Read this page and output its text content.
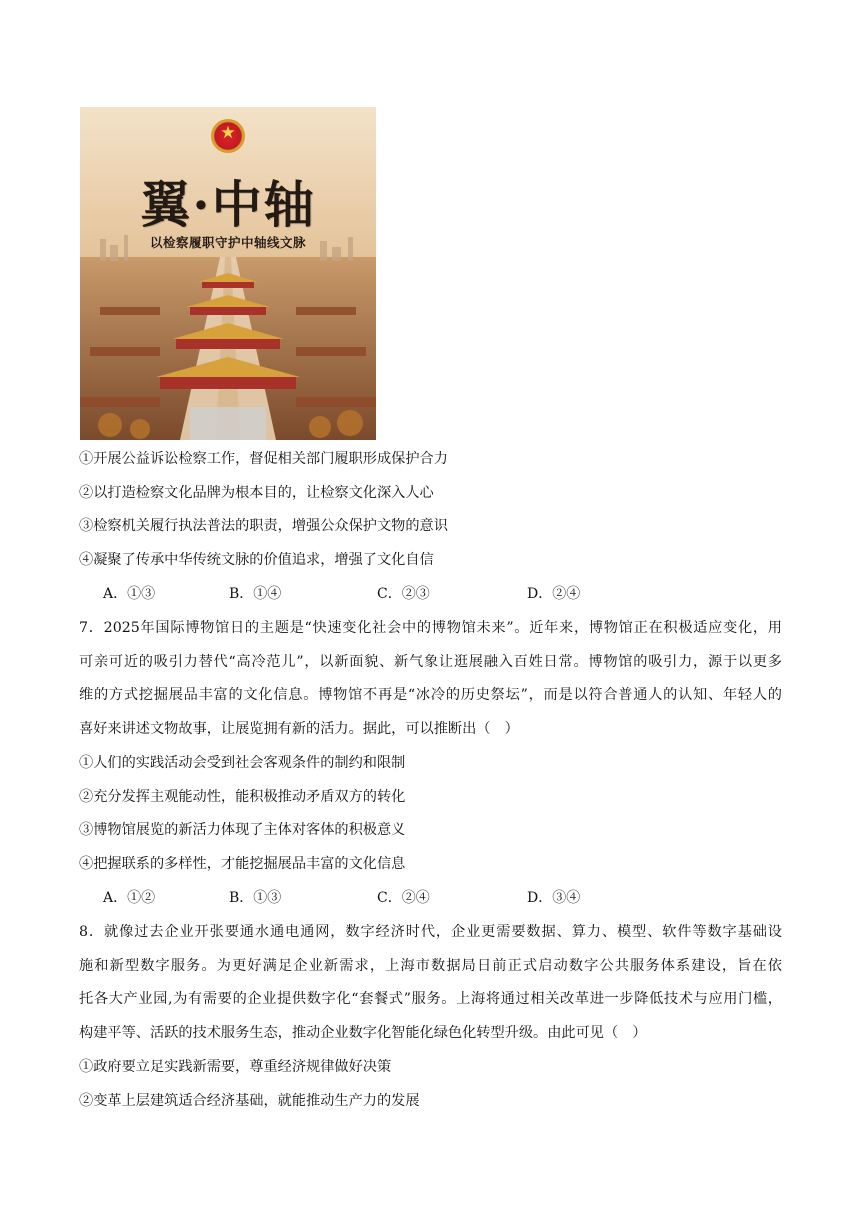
★
翼·中轴
以检察履职守护中轴线文脉
①开展公益诉讼检察工作，督促相关部门履职形成保护合力
②以打造检察文化品牌为根本目的，让检察文化深入人心
③检察机关履行执法普法的职责，增强公众保护文物的意识
④凝聚了传承中华传统文脉的价值追求，增强了文化自信
A．①③	B．①④	C．②③	D．②④
7．2025年国际博物馆日的主题是“快速变化社会中的博物馆未来”。近年来，博物馆正在积极适应变化，用
可亲可近的吸引力替代“高冷范儿”，以新面貌、新气象让逛展融入百姓日常。博物馆的吸引力，源于以更多
维的方式挖掘展品丰富的文化信息。博物馆不再是“冰冷的历史祭坛”，而是以符合普通人的认知、年轻人的
喜好来讲述文物故事，让展览拥有新的活力。据此，可以推断出（　）
①人们的实践活动会受到社会客观条件的制约和限制
②充分发挥主观能动性，能积极推动矛盾双方的转化
③博物馆展览的新活力体现了主体对客体的积极意义
④把握联系的多样性，才能挖掘展品丰富的文化信息
A．①②	B．①③	C．②④	D．③④
8．就像过去企业开张要通水通电通网，数字经济时代，企业更需要数据、算力、模型、软件等数字基础设
施和新型数字服务。为更好满足企业新需求，上海市数据局日前正式启动数字公共服务体系建设，旨在依
托各大产业园,为有需要的企业提供数字化“套餐式”服务。上海将通过相关改革进一步降低技术与应用门槛，
构建平等、活跃的技术服务生态，推动企业数字化智能化绿色化转型升级。由此可见（　）
①政府要立足实践新需要，尊重经济规律做好决策
②变革上层建筑适合经济基础，就能推动生产力的发展
